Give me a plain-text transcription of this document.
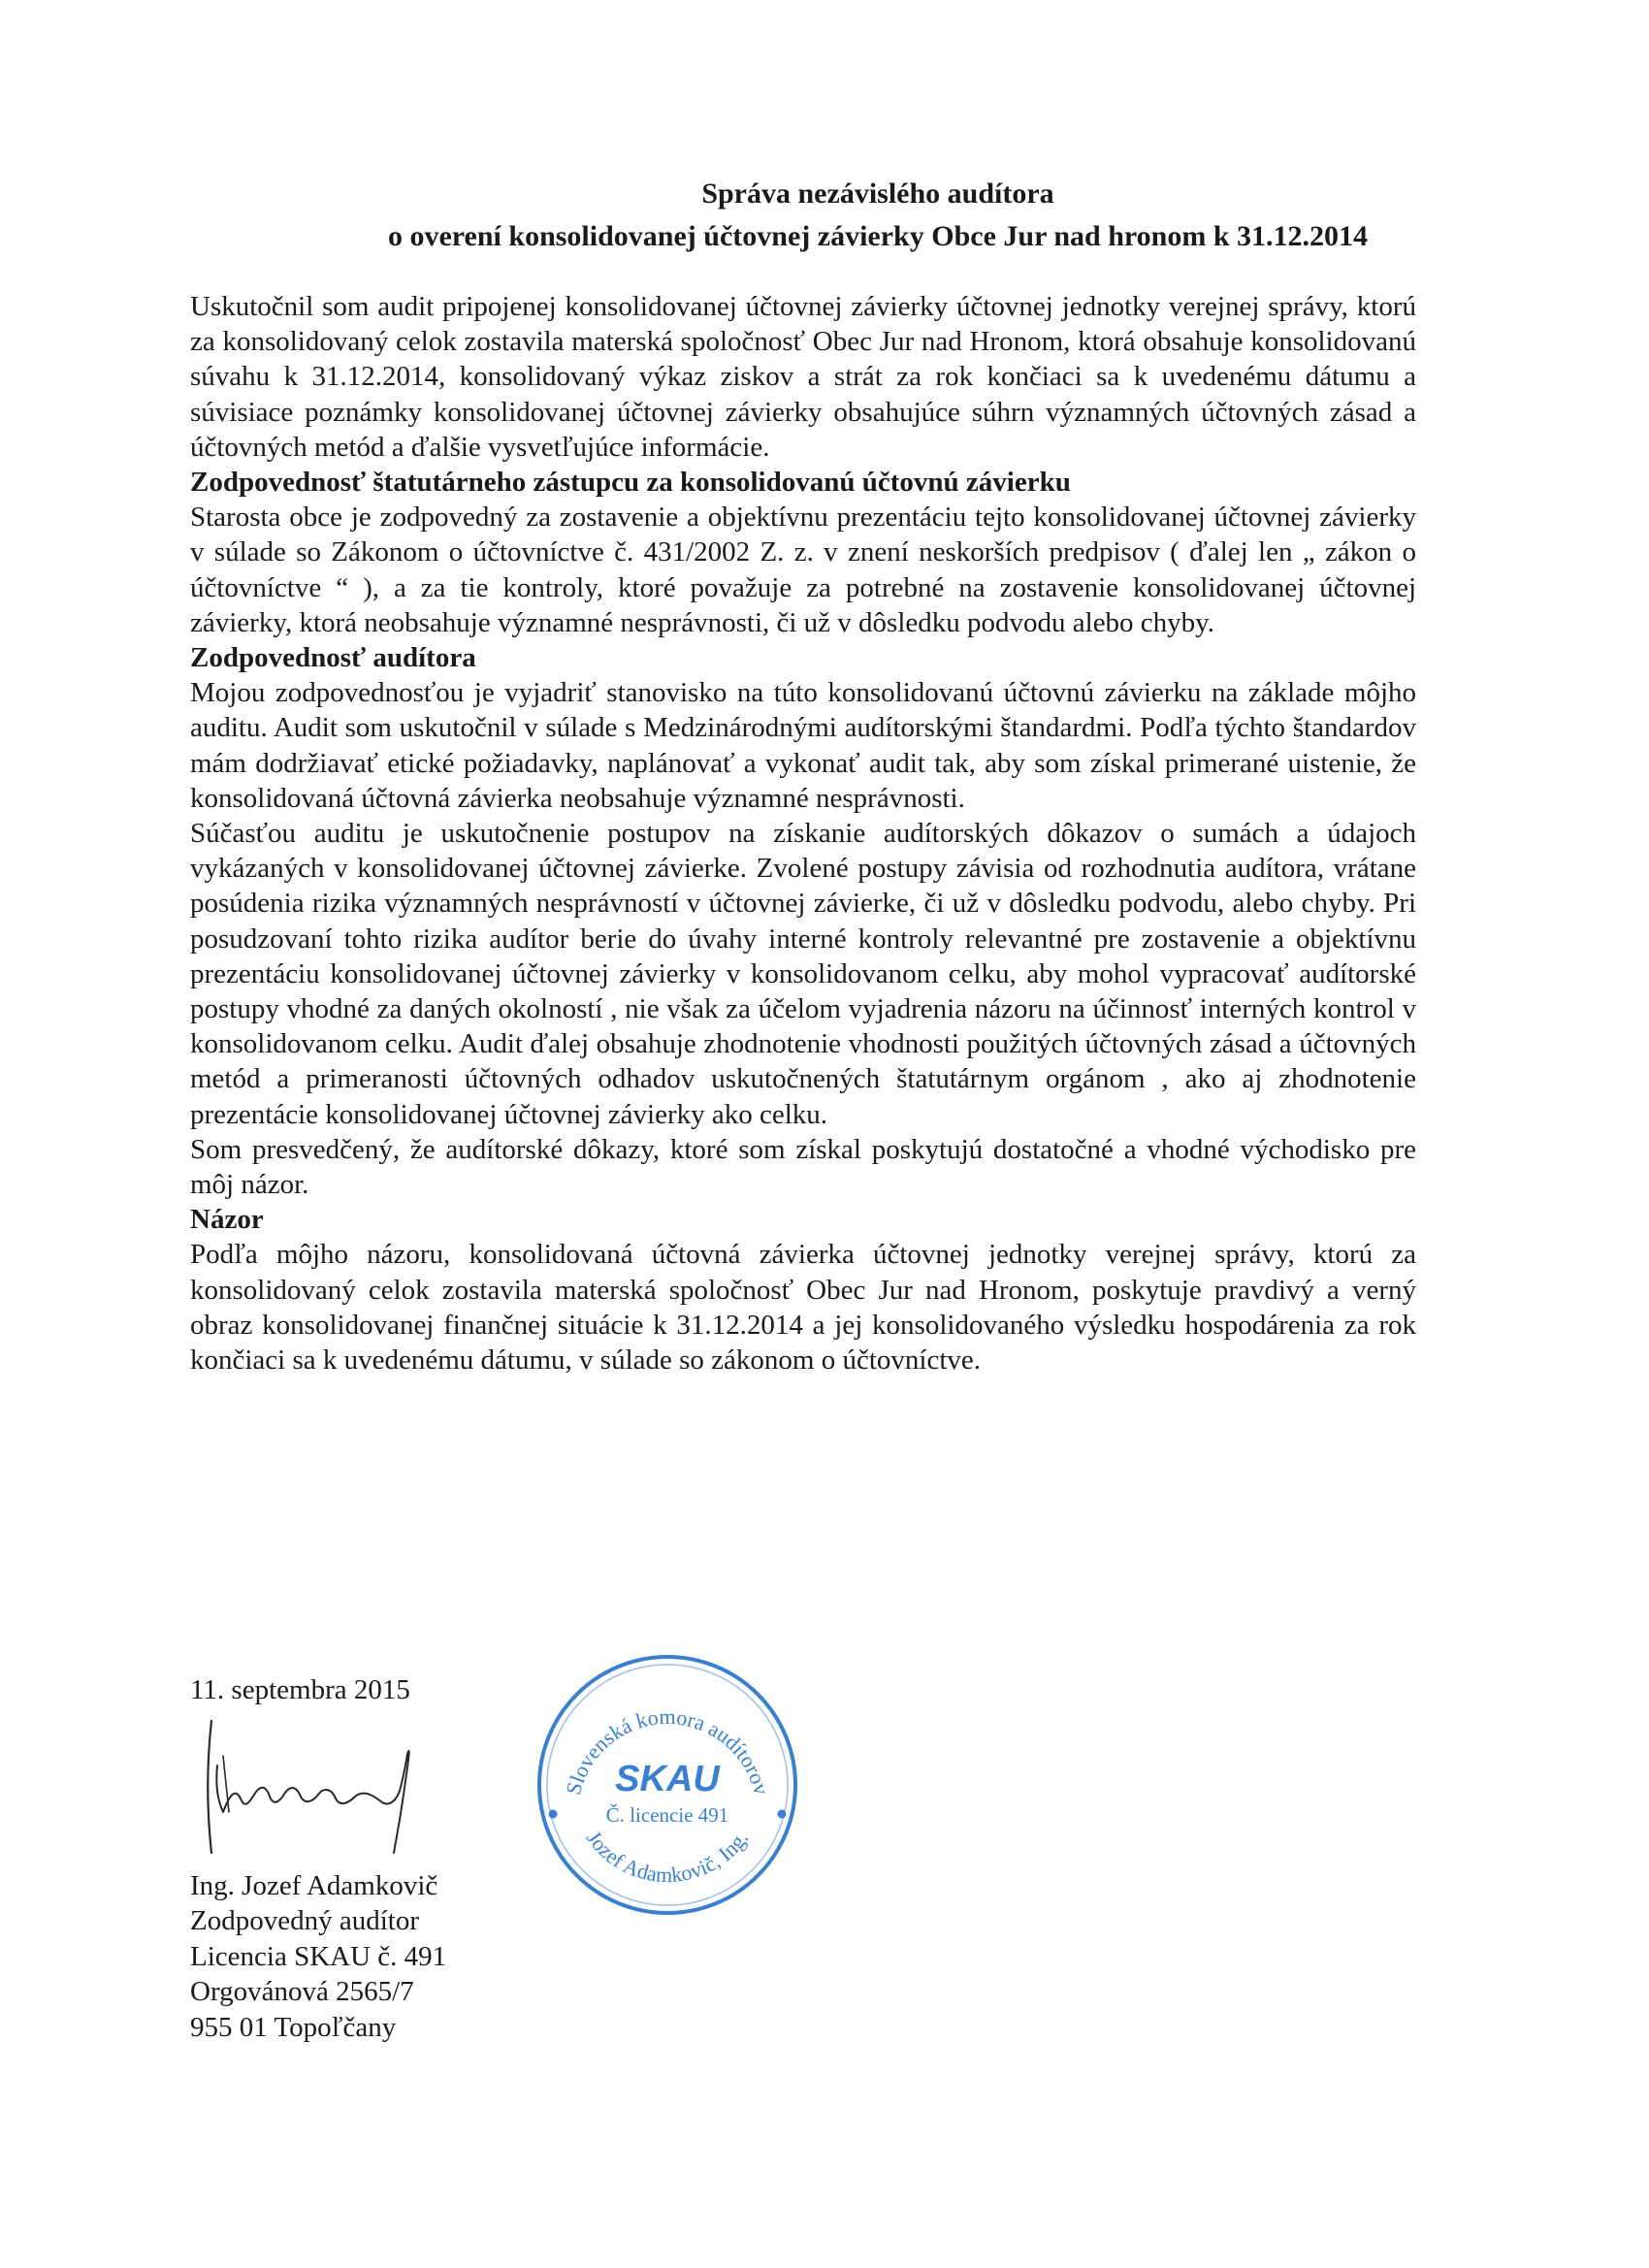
Správa nezávislého audítora
o overení konsolidovanej účtovnej závierky Obce Jur nad hronom k 31.12.2014

Uskutočnil som audit pripojenej konsolidovanej účtovnej závierky účtovnej jednotky verejnej správy, ktorú za konsolidovaný celok zostavila materská spoločnosť Obec Jur nad Hronom, ktorá obsahuje konsolidovanú súvahu k 31.12.2014, konsolidovaný výkaz ziskov a strát za rok končiaci sa k uvedenému dátumu a súvisiace poznámky konsolidovanej účtovnej závierky obsahujúce súhrn významných účtovných zásad a účtovných metód a ďalšie vysvetľujúce informácie.

Zodpovednosť štatutárneho zástupcu za konsolidovanú účtovnú závierku

Starosta obce je zodpovedný za zostavenie a objektívnu prezentáciu tejto konsolidovanej účtovnej závierky v súlade so Zákonom o účtovníctve č. 431/2002 Z. z. v znení neskorších predpisov ( ďalej len „ zákon o účtovníctve “ ), a za tie kontroly, ktoré považuje za potrebné na zostavenie konsolidovanej účtovnej závierky, ktorá neobsahuje významné nesprávnosti, či už v dôsledku podvodu alebo chyby.

Zodpovednosť audítora

Mojou zodpovednosťou je vyjadriť stanovisko na túto konsolidovanú účtovnú závierku na základe môjho auditu. Audit som uskutočnil v súlade s Medzinárodnými audítorskými štandardmi. Podľa týchto štandardov mám dodržiavať etické požiadavky, naplánovať a vykonať audit tak, aby som získal primerané uistenie, že konsolidovaná účtovná závierka neobsahuje významné nesprávnosti.

Súčasťou auditu je uskutočnenie postupov na získanie audítorských dôkazov o sumách a údajoch vykázaných v konsolidovanej účtovnej závierke. Zvolené postupy závisia od rozhodnutia audítora, vrátane posúdenia rizika významných nesprávností v účtovnej závierke, či už v dôsledku podvodu, alebo chyby. Pri posudzovaní tohto rizika audítor berie do úvahy interné kontroly relevantné pre zostavenie a objektívnu prezentáciu konsolidovanej účtovnej závierky v konsolidovanom celku, aby mohol vypracovať audítorské postupy vhodné za daných okolností , nie však za účelom vyjadrenia názoru na účinnosť interných kontrol v konsolidovanom celku. Audit ďalej obsahuje zhodnotenie vhodnosti použitých účtovných zásad a účtovných metód a primeranosti účtovných odhadov uskutočnených štatutárnym orgánom , ako aj zhodnotenie prezentácie konsolidovanej účtovnej závierky ako celku.

Som presvedčený, že audítorské dôkazy, ktoré som získal poskytujú dostatočné a vhodné východisko pre môj názor.

Názor

Podľa môjho názoru, konsolidovaná účtovná závierka účtovnej jednotky verejnej správy, ktorú za konsolidovaný celok zostavila materská spoločnosť Obec Jur nad Hronom, poskytuje pravdivý a verný obraz konsolidovanej finančnej situácie k 31.12.2014 a jej konsolidovaného výsledku hospodárenia za rok končiaci sa k uvedenému dátumu, v súlade so zákonom o účtovníctve.

11. septembra 2015
Ing. Jozef Adamkovič
Zodpovedný audítor
Licencia SKAU č. 491
Orgovánová 2565/7
955 01 Topoľčany
Slovenská komora audítorov
Jozef Adamkovič, Ing.
SKAU
Č. licencie 491
